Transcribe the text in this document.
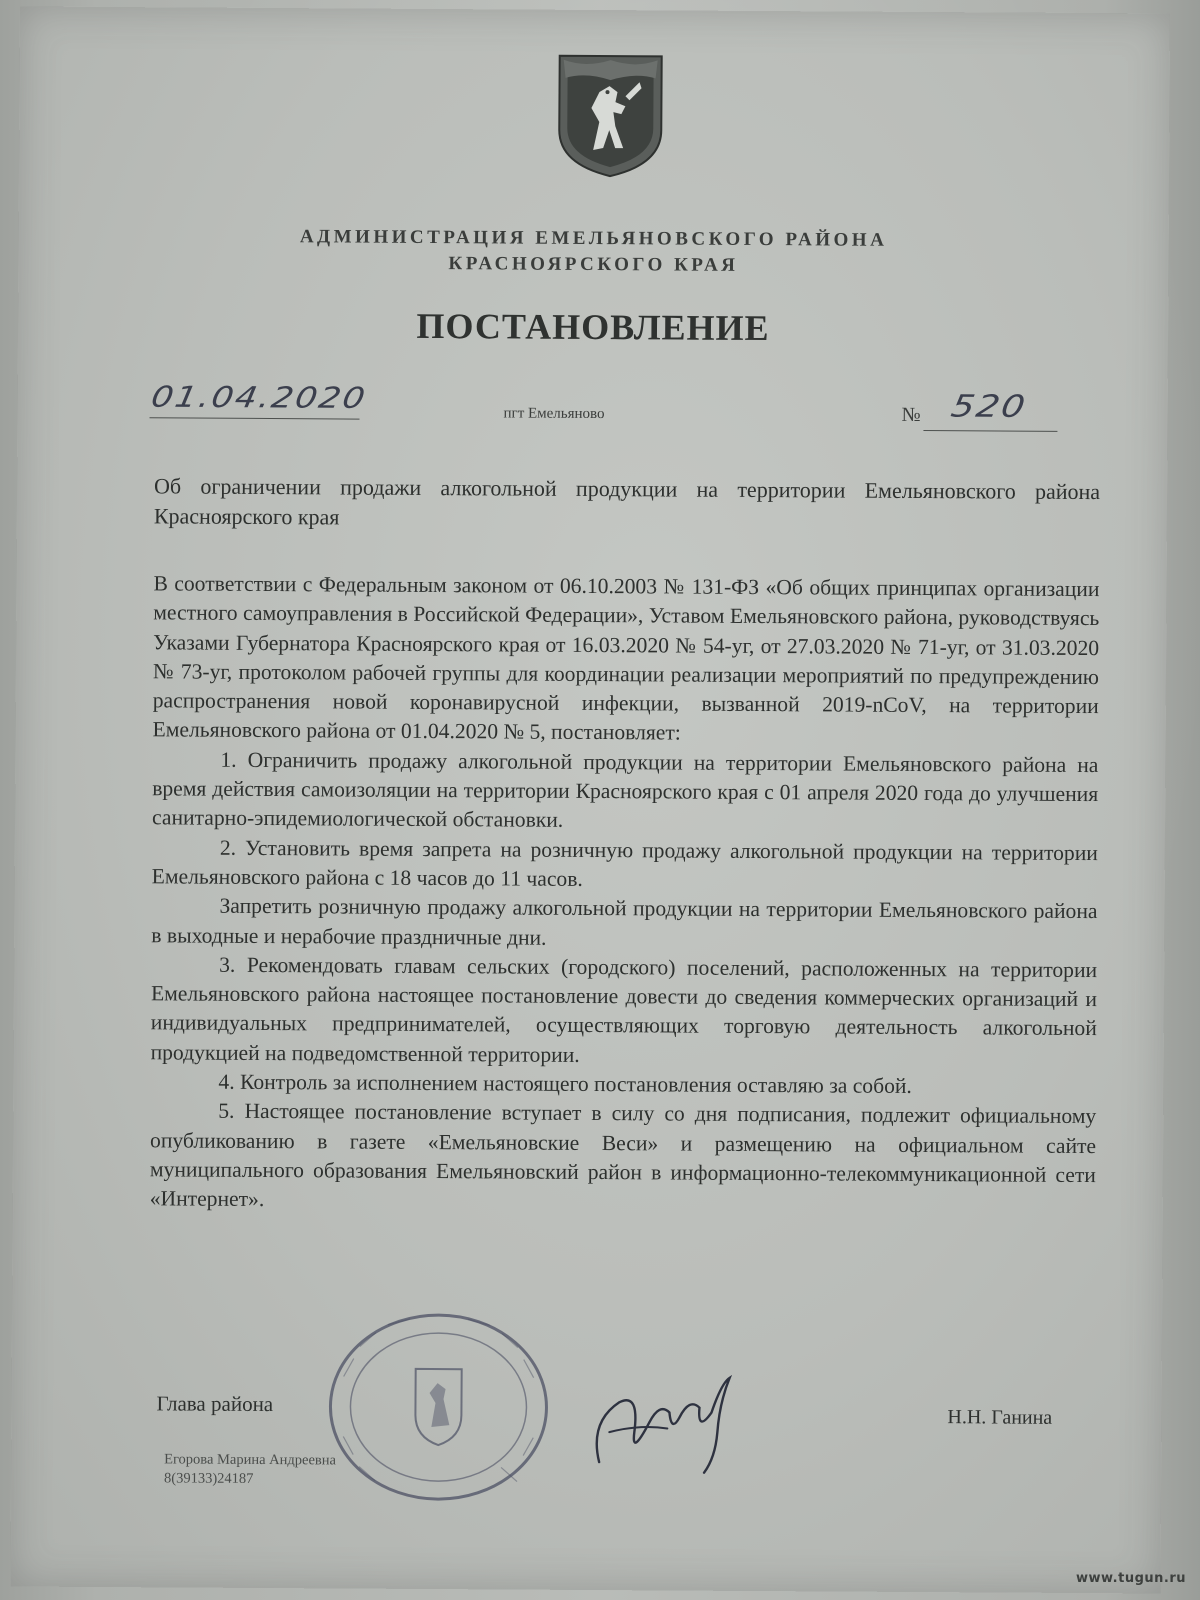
АДМИНИСТРАЦИЯ ЕМЕЛЬЯНОВСКОГО РАЙОНА
КРАСНОЯРСКОГО КРАЯ
ПОСТАНОВЛЕНИЕ
01.04.2020	пгт Емельяново	№ 520
Об ограничении продажи алкогольной продукции на территории Емельяновского района Красноярского края

В соответствии с Федеральным законом от 06.10.2003 № 131-ФЗ «Об общих принципах организации местного самоуправления в Российской Федерации», Уставом Емельяновского района, руководствуясь Указами Губернатора Красноярского края от 16.03.2020 № 54-уг, от 27.03.2020 № 71-уг, от 31.03.2020 № 73-уг, протоколом рабочей группы для координации реализации мероприятий по предупреждению распространения новой коронавирусной инфекции, вызванной 2019-nCoV, на территории Емельяновского района от 01.04.2020 № 5, постановляет:

1. Ограничить продажу алкогольной продукции на территории Емельяновского района на время действия самоизоляции на территории Красноярского края с 01 апреля 2020 года до улучшения санитарно-эпидемиологической обстановки.

2. Установить время запрета на розничную продажу алкогольной продукции на территории Емельяновского района с 18 часов до 11 часов.

Запретить розничную продажу алкогольной продукции на территории Емельяновского района в выходные и нерабочие праздничные дни.

3. Рекомендовать главам сельских (городского) поселений, расположенных на территории Емельяновского района настоящее постановление довести до сведения коммерческих организаций и индивидуальных предпринимателей, осуществляющих торговую деятельность алкогольной продукцией на подведомственной территории.

4. Контроль за исполнением настоящего постановления оставляю за собой.

5. Настоящее постановление вступает в силу со дня подписания, подлежит официальному опубликованию в газете «Емельяновские Веси» и размещению на официальном сайте муниципального образования Емельяновский район в информационно-телекоммуникационной сети «Интернет».

Глава района
Н.Н. Ганина
Егорова Марина Андреевна
8(39133)24187
www.tugun.ru
